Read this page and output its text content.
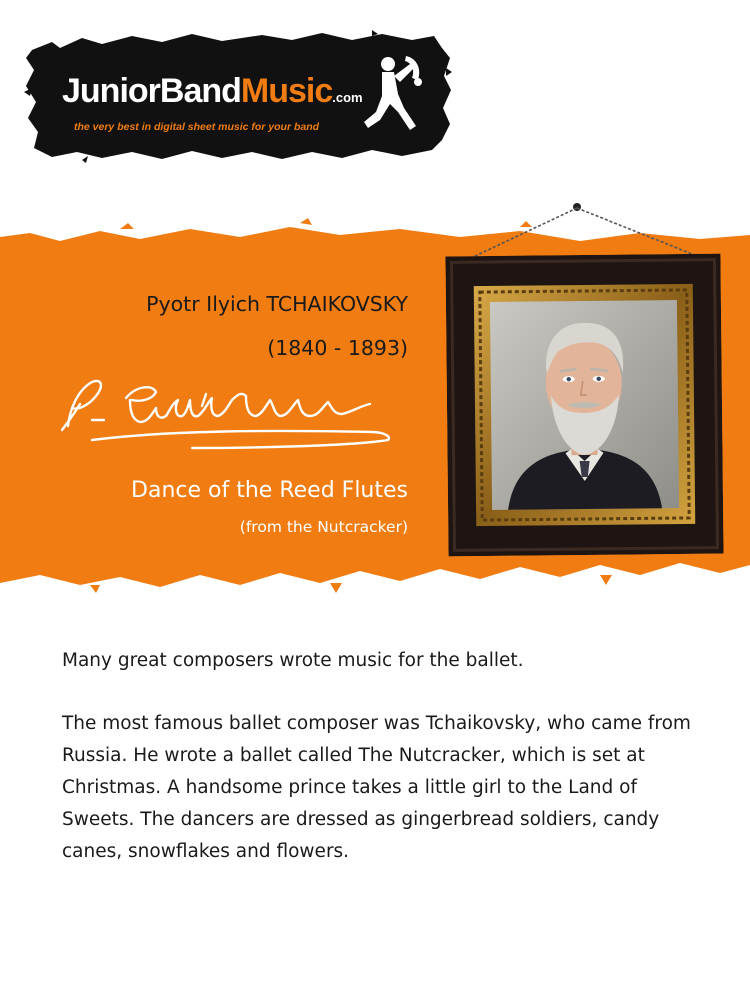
JuniorBandMusic.com
the very best in digital sheet music for your band
Pyotr Ilyich TCHAIKOVSKY
(1840 - 1893)
Dance of the Reed Flutes
(from the Nutcracker)

Many great composers wrote music for the ballet.

The most famous ballet composer was Tchaikovsky, who came from Russia. He wrote a ballet called The Nutcracker, which is set at Christmas. A handsome prince takes a little girl to the Land of Sweets. The dancers are dressed as gingerbread soldiers, candy canes, snowflakes and flowers.
